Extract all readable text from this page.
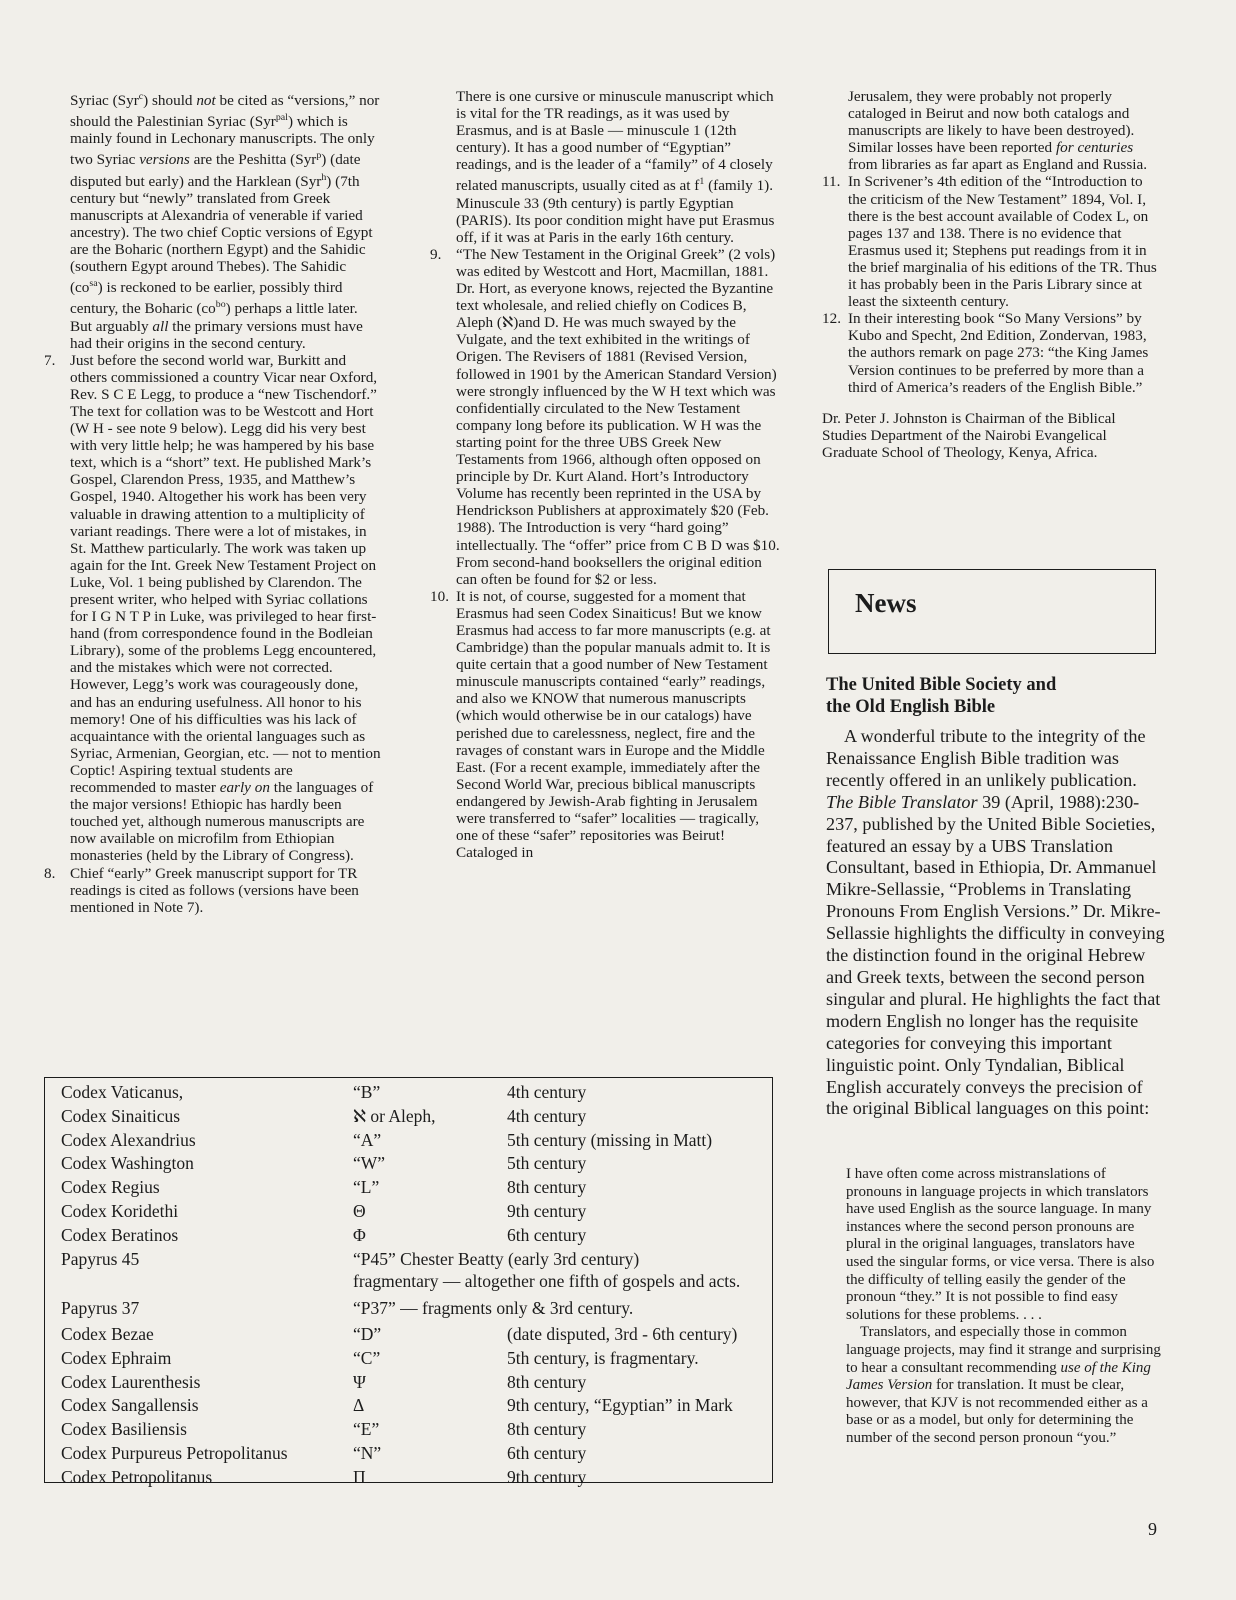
Syriac (Syr$^c$) should not be cited as “versions,” nor should the Palestinian Syriac (Syr$^{pal}$) which is mainly found in Lechonary manuscripts. The only two Syriac versions are the Peshitta (Syr$^p$) (date disputed but early) and the Harklean (Syr$^h$) (7th century but “newly” translated from Greek manuscripts at Alexandria of venerable if varied ancestry). The two chief Coptic versions of Egypt are the Boharic (northern Egypt) and the Sahidic (southern Egypt around Thebes). The Sahidic $(co^{sa})$ is reckoned to be earlier, possibly third century, the Boharic $(co^{bo})$ perhaps a little later. But arguably all the primary versions must have had their origins in the second century.

7. Just before the second world war, Burkitt and others commissioned a country Vicar near Oxford, Rev. S C E Legg, to produce a “new Tischendorf.” The text for collation was to be Westcott and Hort (W H - see note 9 below). Legg did his very best with very little help; he was hampered by his base text, which is a “short” text. He published Mark’s Gospel, Clarendon Press, 1935, and Matthew’s Gospel, 1940. Altogether his work has been very valuable in drawing attention to a multiplicity of variant readings. There were a lot of mistakes, in St. Matthew particularly. The work was taken up again for the Int. Greek New Testament Project on Luke, Vol. 1 being published by Clarendon. The present writer, who helped with Syriac collations for I G N T P in Luke, was privileged to hear first-hand (from correspondence found in the Bodleian Library), some of the problems Legg encountered, and the mistakes which were not corrected. However, Legg’s work was courageously done, and has an enduring usefulness. All honor to his memory! One of his difficulties was his lack of acquaintance with the oriental languages such as Syriac, Armenian, Georgian, etc. — not to mention Coptic! Aspiring textual students are recommended to master early on the languages of the major versions! Ethiopic has hardly been touched yet, although numerous manuscripts are now available on microfilm from Ethiopian monasteries (held by the Library of Congress).

8. Chief “early” Greek manuscript support for TR readings is cited as follows (versions have been mentioned in Note 7).

There is one cursive or minuscule manuscript which is vital for the TR readings, as it was used by Erasmus, and is at Basle — minuscule 1 (12th century). It has a good number of “Egyptian” readings, and is the leader of a “family” of 4 closely related manuscripts, usually cited as at $f^1$ (family 1). Minuscule 33 (9th century) is partly Egyptian (PARIS). Its poor condition might have put Erasmus off, if it was at Paris in the early 16th century.

9. “The New Testament in the Original Greek” (2 vols) was edited by Westcott and Hort, Macmillan, 1881. Dr. Hort, as everyone knows, rejected the Byzantine text wholesale, and relied chiefly on Codices B, Aleph (ℵ)and D. He was much swayed by the Vulgate, and the text exhibited in the writings of Origen. The Revisers of 1881 (Revised Version, followed in 1901 by the American Standard Version) were strongly influenced by the W H text which was confidentially circulated to the New Testament company long before its publication. W H was the starting point for the three UBS Greek New Testaments from 1966, although often opposed on principle by Dr. Kurt Aland. Hort’s Introductory Volume has recently been reprinted in the USA by Hendrickson Publishers at approximately $20 (Feb. 1988). The Introduction is very “hard going” intellectually. The “offer” price from C B D was $10. From second-hand booksellers the original edition can often be found for $2 or less.

10. It is not, of course, suggested for a moment that Erasmus had seen Codex Sinaiticus! But we know Erasmus had access to far more manuscripts (e.g. at Cambridge) than the popular manuals admit to. It is quite certain that a good number of New Testament minuscule manuscripts contained “early” readings, and also we KNOW that numerous manuscripts (which would otherwise be in our catalogs) have perished due to carelessness, neglect, fire and the ravages of constant wars in Europe and the Middle East. (For a recent example, immediately after the Second World War, precious biblical manuscripts endangered by Jewish-Arab fighting in Jerusalem were transferred to “safer” localities — tragically, one of these “safer” repositories was Beirut! Cataloged in

Jerusalem, they were probably not properly cataloged in Beirut and now both catalogs and manuscripts are likely to have been destroyed). Similar losses have been reported for centuries from libraries as far apart as England and Russia.

11. In Scrivener’s 4th edition of the “Introduction to the criticism of the New Testament” 1894, Vol. I, there is the best account available of Codex L, on pages 137 and 138. There is no evidence that Erasmus used it; Stephens put readings from it in the brief marginalia of his editions of the TR. Thus it has probably been in the Paris Library since at least the sixteenth century.

12. In their interesting book “So Many Versions” by Kubo and Specht, 2nd Edition, Zondervan, 1983, the authors remark on page 273: “the King James Version continues to be preferred by more than a third of America’s readers of the English Bible.”

Dr. Peter J. Johnston is Chairman of the Biblical Studies Department of the Nairobi Evangelical Graduate School of Theology, Kenya, Africa.

Codex Vaticanus,	“B”	4th century
Codex Sinaiticus	ℵ or Aleph,	4th century
Codex Alexandrius	“A”	5th century (missing in Matt)
Codex Washington	“W”	5th century
Codex Regius	“L”	8th century
Codex Koridethi	Θ	9th century
Codex Beratinos	Φ	6th century
Papyrus 45	“P45” Chester Beatty (early 3rd century)
fragmentary — altogether one fifth of gospels and acts.
Papyrus 37	“P37” — fragments only & 3rd century.
Codex Bezae	“D”	(date disputed, 3rd - 6th century)
Codex Ephraim	“C”	5th century, is fragmentary.
Codex Laurenthesis	Ψ	8th century
Codex Sangallensis	Δ	9th century, “Egyptian” in Mark
Codex Basiliensis	“E”	8th century
Codex Purpureus Petropolitanus	“N”	6th century
Codex Petropolitanus	Π	9th century
News
The United Bible Society and
the Old English Bible

A wonderful tribute to the integrity of the Renaissance English Bible tradition was recently offered in an unlikely publication. The Bible Translator 39 (April, 1988):230-237, published by the United Bible Societies, featured an essay by a UBS Translation Consultant, based in Ethiopia, Dr. Ammanuel Mikre-Sellassie, “Problems in Translating Pronouns From English Versions.” Dr. Mikre-Sellassie highlights the difficulty in conveying the distinction found in the original Hebrew and Greek texts, between the second person singular and plural. He highlights the fact that modern English no longer has the requisite categories for conveying this important linguistic point. Only Tyndalian, Biblical English accurately conveys the precision of the original Biblical languages on this point:

I have often come across mistranslations of pronouns in language projects in which translators have used English as the source language. In many instances where the second person pronouns are plural in the original languages, translators have used the singular forms, or vice versa. There is also the difficulty of telling easily the gender of the pronoun “they.” It is not possible to find easy solutions for these problems. . . .

Translators, and especially those in common language projects, may find it strange and surprising to hear a consultant recommending use of the King James Version for translation. It must be clear, however, that KJV is not recommended either as a base or as a model, but only for determining the number of the second person pronoun “you.”

9
